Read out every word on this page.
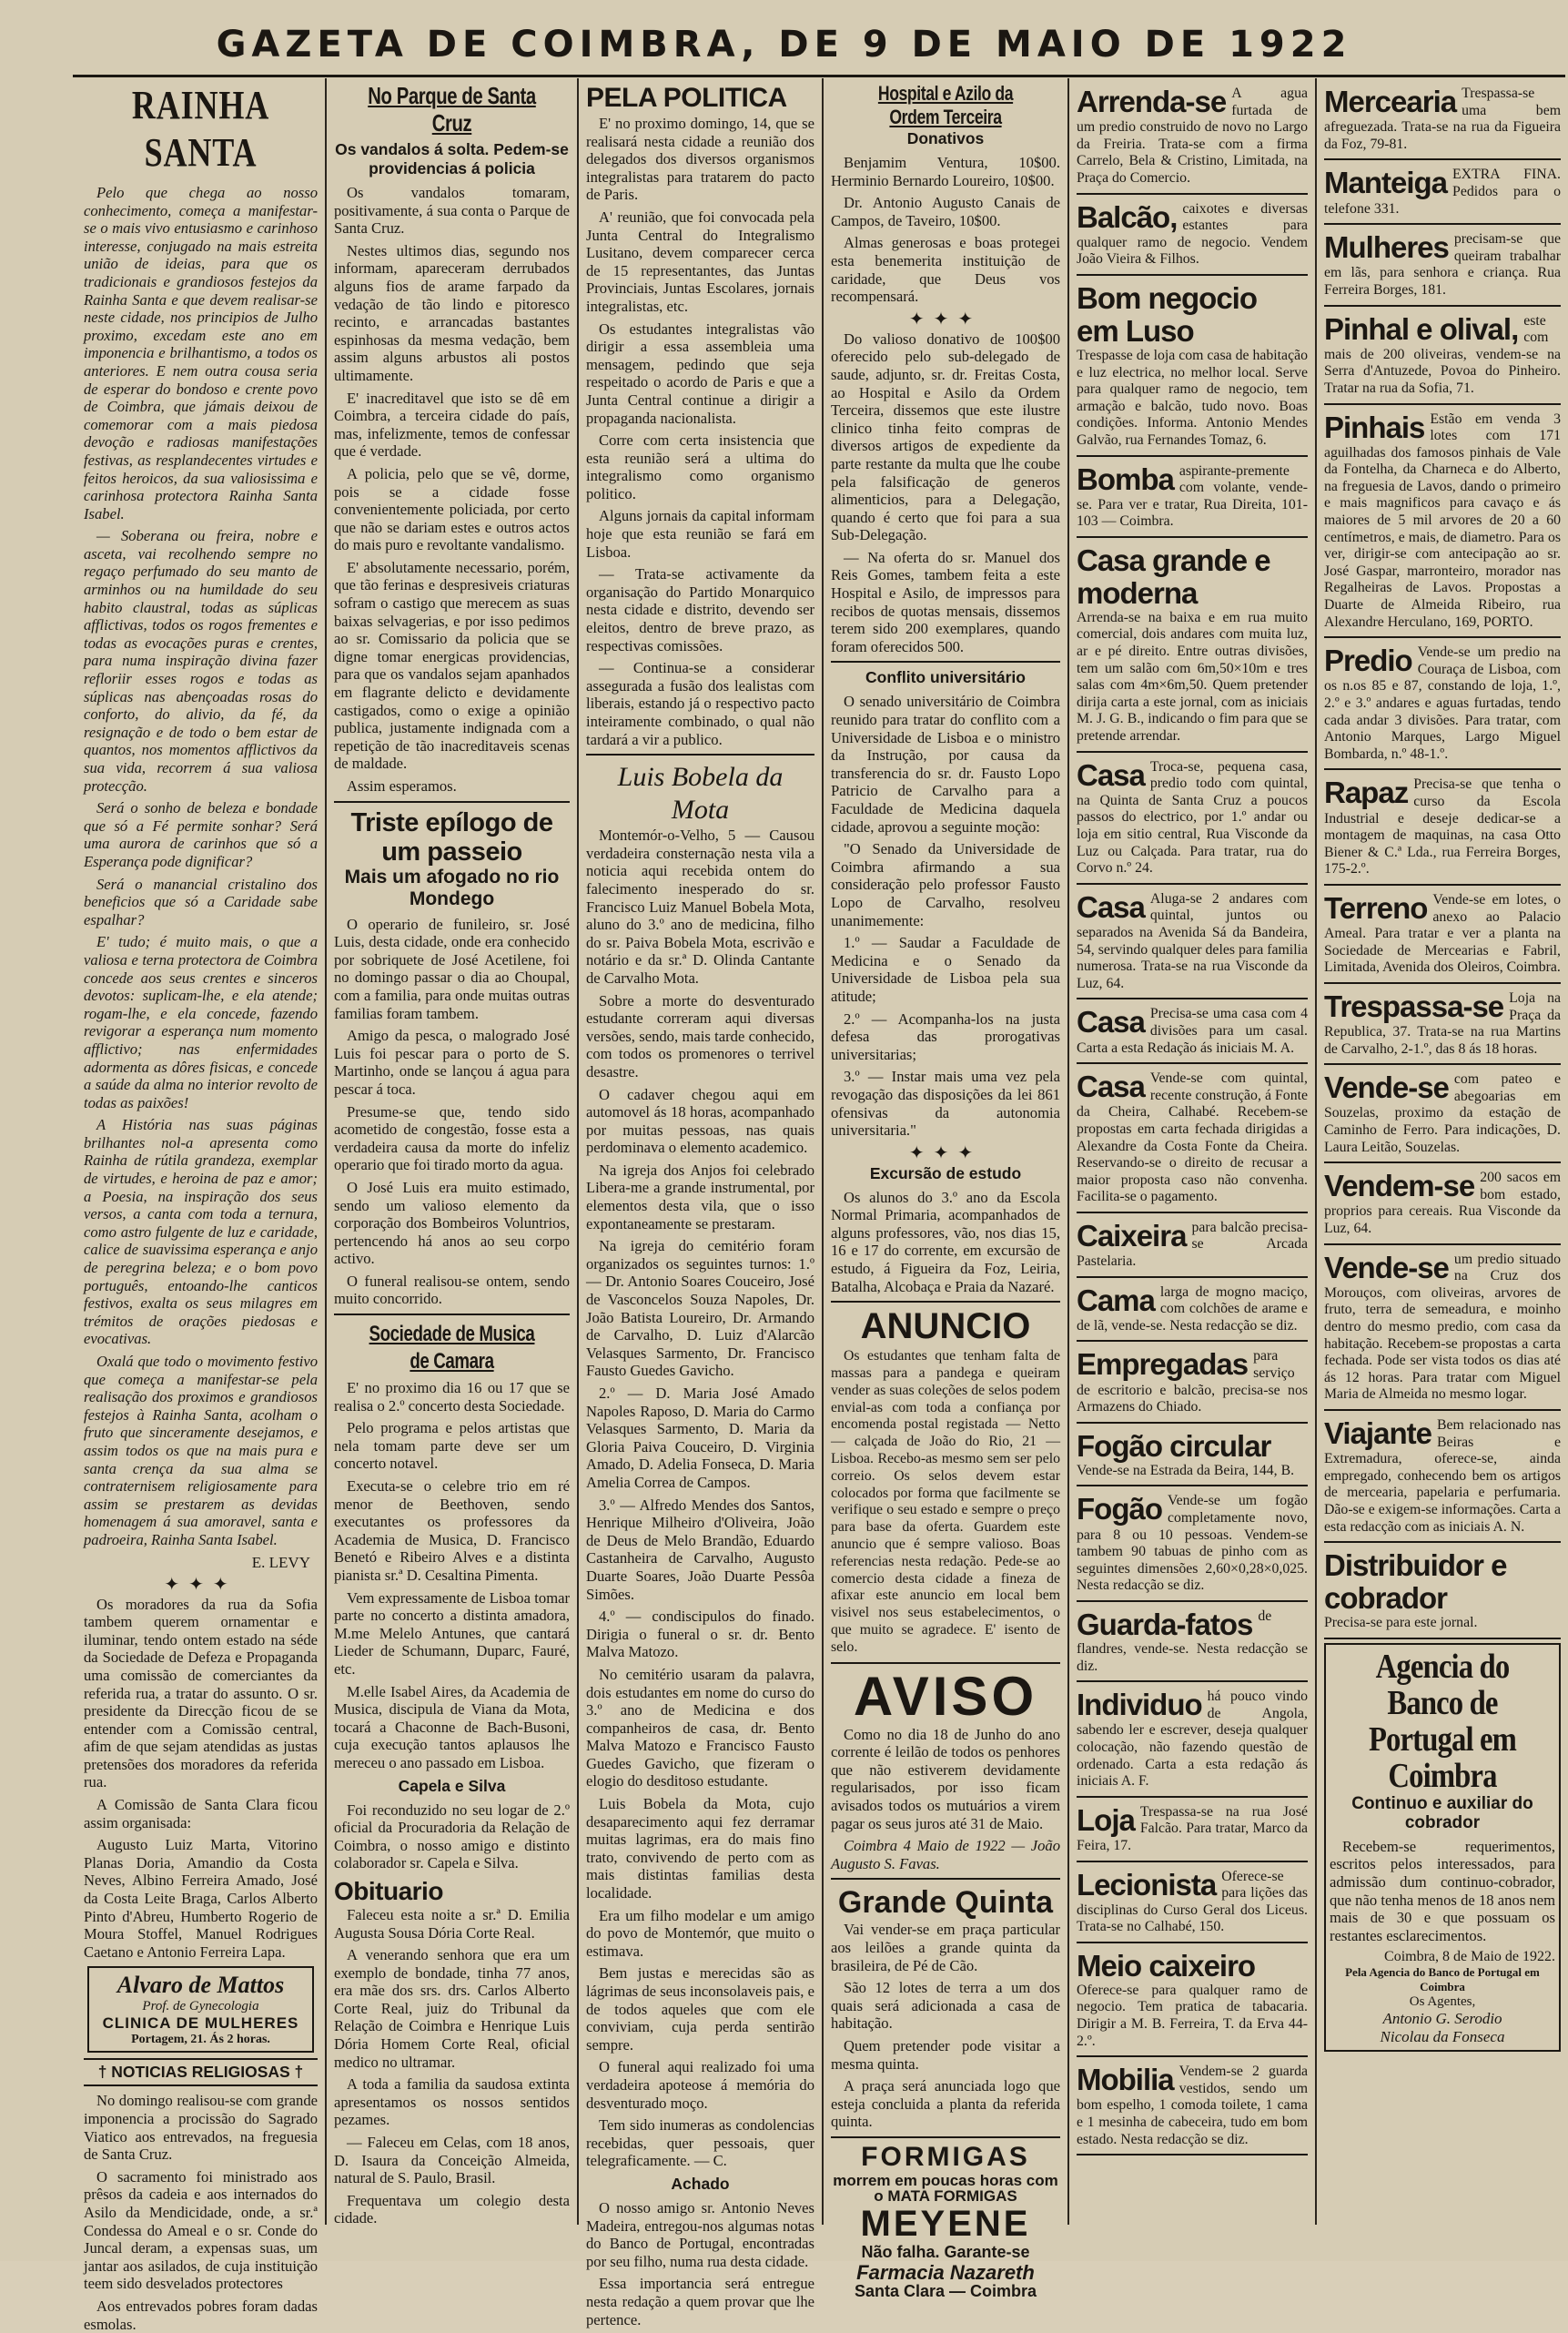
GAZETA DE COIMBRA, DE 9 DE MAIO DE 1922
RAINHA SANTA

Pelo que chega ao nosso conhecimento, começa a manifestar-se o mais vivo entusiasmo e carinhoso interesse, conjugado na mais estreita união de ideias, para que os tradicionais e grandiosos festejos da Rainha Santa e que devem realisar-se neste cidade, nos principios de Julho proximo, excedam este ano em imponencia e brilhantismo, a todos os anteriores. E nem outra cousa seria de esperar do bondoso e crente povo de Coimbra, que jámais deixou de comemorar com a mais piedosa devoção e radiosas manifestações festivas, as resplandecentes virtudes e feitos heroicos, da sua valiosissima e carinhosa protectora Rainha Santa Isabel.

— Soberana ou freira, nobre e asceta, vai recolhendo sempre no regaço perfumado do seu manto de arminhos ou na humildade do seu habito claustral, todas as súplicas afflictivas, todos os rogos frementes e todas as evocações puras e crentes, para numa inspiração divina fazer refloriir esses rogos e todas as súplicas nas abençoadas rosas do conforto, do alivio, da fé, da resignação e de todo o bem estar de quantos, nos momentos afflictivos da sua vida, recorrem á sua valiosa protecção.

Será o sonho de beleza e bondade que só a Fé permite sonhar? Será uma aurora de carinhos que só a Esperança pode dignificar?

Será o manancial cristalino dos beneficios que só a Caridade sabe espalhar?

E' tudo; é muito mais, o que a valiosa e terna protectora de Coimbra concede aos seus crentes e sinceros devotos: suplicam-lhe, e ela atende; rogam-lhe, e ela concede, fazendo revigorar a esperança num momento afflictivo; nas enfermidades adormenta as dôres fisicas, e concede a saúde da alma no interior revolto de todas as paixões!

A História nas suas páginas brilhantes nol-a apresenta como Rainha de rútila grandeza, exemplar de virtudes, e heroina de paz e amor; a Poesia, na inspiração dos seus versos, a canta com toda a ternura, como astro fulgente de luz e caridade, calice de suavissima esperança e anjo de peregrina beleza; e o bom povo português, entoando-lhe canticos festivos, exalta os seus milagres em trémitos de orações piedosas e evocativas.

Oxalá que todo o movimento festivo que começa a manifestar-se pela realisação dos proximos e grandiosos festejos à Rainha Santa, acolham o fruto que sinceramente desejamos, e assim todos os que na mais pura e santa crença da sua alma se contraternisem religiosamente para assim se prestarem as devidas homenagem á sua amoravel, santa e padroeira, Rainha Santa Isabel.

E. LEVY
✦✦✦

Os moradores da rua da Sofia tambem querem ornamentar e iluminar, tendo ontem estado na séde da Sociedade de Defeza e Propaganda uma comissão de comerciantes da referida rua, a tratar do assunto. O sr. presidente da Direcção ficou de se entender com a Comissão central, afim de que sejam atendidas as justas pretensões dos moradores da referida rua.

A Comissão de Santa Clara ficou assim organisada:

Augusto Luiz Marta, Vitorino Planas Doria, Amandio da Costa Neves, Albino Ferreira Amado, José da Costa Leite Braga, Carlos Alberto Pinto d'Abreu, Humberto Rogerio de Moura Stoffel, Manuel Rodrigues Caetano e Antonio Ferreira Lapa.

Alvaro de Mattos
Prof. de Gynecologia
CLINICA DE MULHERES
Portagem, 21. Ás 2 horas.
† NOTICIAS RELIGIOSAS †

No domingo realisou-se com grande imponencia a procissão do Sagrado Viatico aos entrevados, na freguesia de Santa Cruz.

O sacramento foi ministrado aos prêsos da cadeia e aos internados do Asilo da Mendicidade, onde, a sr.ª Condessa do Ameal e o sr. Conde do Juncal deram, a expensas suas, um jantar aos asilados, de cuja instituição teem sido desvelados protectores

Aos entrevados pobres foram dadas esmolas.

No Parque de Santa Cruz
Os vandalos á solta. Pedem-se providencias á policia

Os vandalos tomaram, positivamente, á sua conta o Parque de Santa Cruz.

Nestes ultimos dias, segundo nos informam, apareceram derrubados alguns fios de arame farpado da vedação de tão lindo e pitoresco recinto, e arrancadas bastantes espinhosas da mesma vedação, bem assim alguns arbustos ali postos ultimamente.

E' inacreditavel que isto se dê em Coimbra, a terceira cidade do país, mas, infelizmente, temos de confessar que é verdade.

A policia, pelo que se vê, dorme, pois se a cidade fosse convenientemente policiada, por certo que não se dariam estes e outros actos do mais puro e revoltante vandalismo.

E' absolutamente necessario, porém, que tão ferinas e despresiveis criaturas sofram o castigo que merecem as suas baixas selvagerias, e por isso pedimos ao sr. Comissario da policia que se digne tomar energicas providencias, para que os vandalos sejam apanhados em flagrante delicto e devidamente castigados, como o exige a opinião publica, justamente indignada com a repetição de tão inacreditaveis scenas de maldade.

Assim esperamos.

Triste epílogo de um passeio
Mais um afogado no rio Mondego

O operario de funileiro, sr. José Luis, desta cidade, onde era conhecido por sobriquete de José Acetilene, foi no domingo passar o dia ao Choupal, com a familia, para onde muitas outras familias foram tambem.

Amigo da pesca, o malogrado José Luis foi pescar para o porto de S. Martinho, onde se lançou á agua para pescar á toca.

Presume-se que, tendo sido acometido de congestão, fosse esta a verdadeira causa da morte do infeliz operario que foi tirado morto da agua.

O José Luis era muito estimado, sendo um valioso elemento da corporação dos Bombeiros Voluntrios, pertencendo há anos ao seu corpo activo.

O funeral realisou-se ontem, sendo muito concorrido.

Sociedade de Musica de Camara

E' no proximo dia 16 ou 17 que se realisa o 2.º concerto desta Sociedade.

Pelo programa e pelos artistas que nela tomam parte deve ser um concerto notavel.

Executa-se o celebre trio em ré menor de Beethoven, sendo executantes os professores da Academia de Musica, D. Francisco Benetó e Ribeiro Alves e a distinta pianista sr.ª D. Cesaltina Pimenta.

Vem expressamente de Lisboa tomar parte no concerto a distinta amadora, M.me Melelo Antunes, que cantará Lieder de Schumann, Duparc, Fauré, etc.

M.elle Isabel Aires, da Academia de Musica, discipula de Viana da Mota, tocará a Chaconne de Bach-Busoni, cuja execução tantos aplausos lhe mereceu o ano passado em Lisboa.

Capela e Silva

Foi reconduzido no seu logar de 2.º oficial da Procuradoria da Relação de Coimbra, o nosso amigo e distinto colaborador sr. Capela e Silva.

Obituario

Faleceu esta noite a sr.ª D. Emilia Augusta Sousa Dória Corte Real.

A venerando senhora que era um exemplo de bondade, tinha 77 anos, era mãe dos srs. drs. Carlos Alberto Corte Real, juiz do Tribunal da Relação de Coimbra e Henrique Luis Dória Homem Corte Real, oficial medico no ultramar.

A toda a familia da saudosa extinta apresentamos os nossos sentidos pezames.

— Faleceu em Celas, com 18 anos, D. Isaura da Conceição Almeida, natural de S. Paulo, Brasil.

Frequentava um colegio desta cidade.

PELA POLITICA

E' no proximo domingo, 14, que se realisará nesta cidade a reunião dos delegados dos diversos organismos integralistas para tratarem do pacto de Paris.

A' reunião, que foi convocada pela Junta Central do Integralismo Lusitano, devem comparecer cerca de 15 representantes, das Juntas Provinciais, Juntas Escolares, jornais integralistas, etc.

Os estudantes integralistas vão dirigir a essa assembleia uma mensagem, pedindo que seja respeitado o acordo de Paris e que a Junta Central continue a dirigir a propaganda nacionalista.

Corre com certa insistencia que esta reunião será a ultima do integralismo como organismo politico.

Alguns jornais da capital informam hoje que esta reunião se fará em Lisboa.

— Trata-se activamente da organisação do Partido Monarquico nesta cidade e distrito, devendo ser eleitos, dentro de breve prazo, as respectivas comissões.

— Continua-se a considerar assegurada a fusão dos lealistas com liberais, estando já o respectivo pacto inteiramente combinado, o qual não tardará a vir a publico.

Luis Bobela da Mota

Montemór-o-Velho, 5 — Causou verdadeira consternação nesta vila a noticia aqui recebida ontem do falecimento inesperado do sr. Francisco Luiz Manuel Bobela Mota, aluno do 3.º ano de medicina, filho do sr. Paiva Bobela Mota, escrivão e notário e da sr.ª D. Olinda Cantante de Carvalho Mota.

Sobre a morte do desventurado estudante correram aqui diversas versões, sendo, mais tarde conhecido, com todos os promenores o terrivel desastre.

O cadaver chegou aqui em automovel ás 18 horas, acompanhado por muitas pessoas, nas quais perdominava o elemento academico.

Na igreja dos Anjos foi celebrado Libera-me a grande instrumental, por elementos desta vila, que o isso expontaneamente se prestaram.

Na igreja do cemitério foram organizados os seguintes turnos: 1.º — Dr. Antonio Soares Couceiro, José de Vasconcelos Souza Napoles, Dr. João Batista Loureiro, Dr. Armando de Carvalho, D. Luiz d'Alarcão Velasques Sarmento, Dr. Francisco Fausto Guedes Gavicho.

2.º — D. Maria José Amado Napoles Raposo, D. Maria do Carmo Velasques Sarmento, D. Maria da Gloria Paiva Couceiro, D. Virginia Amado, D. Adelia Fonseca, D. Maria Amelia Correa de Campos.

3.º — Alfredo Mendes dos Santos, Henrique Milheiro d'Oliveira, João de Deus de Melo Brandão, Eduardo Castanheira de Carvalho, Augusto Duarte Soares, João Duarte Pessôa Simões.

4.º — condiscipulos do finado. Dirigia o funeral o sr. dr. Bento Malva Matozo.

No cemitério usaram da palavra, dois estudantes em nome do curso do 3.º ano de Medicina e dos companheiros de casa, dr. Bento Malva Matozo e Francisco Fausto Guedes Gavicho, que fizeram o elogio do desditoso estudante.

Luis Bobela da Mota, cujo desaparecimento aqui fez derramar muitas lagrimas, era do mais fino trato, convivendo de perto com as mais distintas familias desta localidade.

Era um filho modelar e um amigo do povo de Montemór, que muito o estimava.

Bem justas e merecidas são as lágrimas de seus inconsolaveis pais, e de todos aqueles que com ele conviviam, cuja perda sentirão sempre.

O funeral aqui realizado foi uma verdadeira apoteose á memória do desventurado moço.

Tem sido inumeras as condolencias recebidas, quer pessoais, quer telegraficamente. — C.

Achado

O nosso amigo sr. Antonio Neves Madeira, entregou-nos algumas notas do Banco de Portugal, encontradas por seu filho, numa rua desta cidade.

Essa importancia será entregue nesta redação a quem provar que lhe pertence.

Hospital e Azilo da Ordem Terceira
Donativos

Benjamim Ventura, 10$00. Herminio Bernardo Loureiro, 10$00.

Dr. Antonio Augusto Canais de Campos, de Taveiro, 10$00.

Almas generosas e boas protegei esta benemerita instituição de caridade, que Deus vos recompensará.

✦✦✦

Do valioso donativo de 100$00 oferecido pelo sub-delegado de saude, adjunto, sr. dr. Freitas Costa, ao Hospital e Asilo da Ordem Terceira, dissemos que este ilustre clinico tinha feito compras de diversos artigos de expediente da parte restante da multa que lhe coube pela falsificação de generos alimenticios, para a Delegação, quando é certo que foi para a sua Sub-Delegação.

— Na oferta do sr. Manuel dos Reis Gomes, tambem feita a este Hospital e Asilo, de impressos para recibos de quotas mensais, dissemos terem sido 200 exemplares, quando foram oferecidos 500.

Conflito universitário

O senado universitário de Coimbra reunido para tratar do conflito com a Universidade de Lisboa e o ministro da Instrução, por causa da transferencia do sr. dr. Fausto Lopo Patricio de Carvalho para a Faculdade de Medicina daquela cidade, aprovou a seguinte moção:

"O Senado da Universidade de Coimbra afirmando a sua consideração pelo professor Fausto Lopo de Carvalho, resolveu unanimemente:

1.º — Saudar a Faculdade de Medicina e o Senado da Universidade de Lisboa pela sua atitude;

2.º — Acompanha-los na justa defesa das prorogativas universitarias;

3.º — Instar mais uma vez pela revogação das disposições da lei 861 ofensivas da autonomia universitaria."

✦✦✦
Excursão de estudo

Os alunos do 3.º ano da Escola Normal Primaria, acompanhados de alguns professores, vão, nos dias 15, 16 e 17 do corrente, em excursão de estudo, á Figueira da Foz, Leiria, Batalha, Alcobaça e Praia da Nazaré.

ANUNCIO

Os estudantes que tenham falta de massas para a pandega e queiram vender as suas coleções de selos podem envial-as com toda a confiança por encomenda postal registada — Netto — calçada de João do Rio, 21 — Lisboa. Recebo-as mesmo sem ser pelo correio. Os selos devem estar colocados por forma que facilmente se verifique o seu estado e sempre o preço para base da oferta. Guardem este anuncio que é sempre valioso. Boas referencias nesta redação. Pede-se ao comercio desta cidade a fineza de afixar este anuncio em local bem visivel nos seus estabelecimentos, o que muito se agradece. E' isento de selo.

AVISO

Como no dia 18 de Junho do ano corrente é leilão de todos os penhores que não estiverem devidamente regularisados, por isso ficam avisados todos os mutuários a virem pagar os seus juros até 31 de Maio.

Coimbra 4 Maio de 1922 — João Augusto S. Favas.

Grande Quinta

Vai vender-se em praça particular aos leilões a grande quinta da brasileira, de Pé de Cão.

São 12 lotes de terra a um dos quais será adicionada a casa de habitação.

Quem pretender pode visitar a mesma quinta.

A praça será anunciada logo que esteja concluida a planta da referida quinta.

FORMIGAS
morrem em poucas horas com o MATA FORMIGAS
MEYENE
Não falha. Garante-se
Farmacia Nazareth
Santa Clara — Coimbra
Arrenda-se A agua furtada de um predio construido de novo no Largo da Freiria. Trata-se com a firma Carrelo, Bela & Cristino, Limitada, na Praça do Comercio.
Balcão, caixotes e diversas estantes para qualquer ramo de negocio. Vendem João Vieira & Filhos.
Bom negocio em Luso
Trespasse de loja com casa de habitação e luz electrica, no melhor local. Serve para qualquer ramo de negocio, tem armação e balcão, tudo novo. Boas condições. Informa. Antonio Mendes Galvão, rua Fernandes Tomaz, 6.
Bomba aspirante-premente com volante, vende-se. Para ver e tratar, Rua Direita, 101-103 — Coimbra.
Casa grande e moderna
Arrenda-se na baixa e em rua muito comercial, dois andares com muita luz, ar e pé direito. Entre outras divisões, tem um salão com 6m,50×10m e tres salas com 4m×6m,50. Quem pretender dirija carta a este jornal, com as iniciais M. J. G. B., indicando o fim para que se pretende arrendar.
Casa Troca-se, pequena casa, predio todo com quintal, na Quinta de Santa Cruz a poucos passos do electrico, por 1.º andar ou loja em sitio central, Rua Visconde da Luz ou Calçada. Para tratar, rua do Corvo n.º 24.
Casa Aluga-se 2 andares com quintal, juntos ou separados na Avenida Sá da Bandeira, 54, servindo qualquer deles para familia numerosa. Trata-se na rua Visconde da Luz, 64.
Casa Precisa-se uma casa com 4 divisões para um casal. Carta a esta Redação ás iniciais M. A.
Casa Vende-se com quintal, recente construção, á Fonte da Cheira, Calhabé. Recebem-se propostas em carta fechada dirigidas a Alexandre da Costa Fonte da Cheira. Reservando-se o direito de recusar a maior proposta caso não convenha. Facilita-se o pagamento.
Caixeira para balcão precisa-se Arcada Pastelaria.
Cama larga de mogno maciço, com colchões de arame e de lã, vende-se. Nesta redacção se diz.
Empregadas para serviço de escritorio e balcão, precisa-se nos Armazens do Chiado.
Fogão circular
Vende-se na Estrada da Beira, 144, B.
Fogão Vende-se um fogão completamente novo, para 8 ou 10 pessoas. Vendem-se tambem 90 tabuas de pinho com as seguintes dimensões 2,60×0,28×0,025. Nesta redacção se diz.
Guarda-fatos de flandres, vende-se. Nesta redacção se diz.
Individuo há pouco vindo de Angola, sabendo ler e escrever, deseja qualquer colocação, não fazendo questão de ordenado. Carta a esta redação ás iniciais A. F.
Loja Trespassa-se na rua José Falcão. Para tratar, Marco da Feira, 17.
Lecionista Oferece-se para lições das disciplinas do Curso Geral dos Liceus. Trata-se no Calhabé, 150.
Meio caixeiro
Oferece-se para qualquer ramo de negocio. Tem pratica de tabacaria. Dirigir a M. B. Ferreira, T. da Erva 44-2.º.
Mobilia Vendem-se 2 guarda vestidos, sendo um bom espelho, 1 comoda toilete, 1 cama e 1 mesinha de cabeceira, tudo em bom estado. Nesta redacção se diz.
Mercearia Trespassa-se uma bem afreguezada. Trata-se na rua da Figueira da Foz, 79-81.
Manteiga EXTRA FINA. Pedidos para o telefone 331.
Mulheres precisam-se que queiram trabalhar em lãs, para senhora e criança. Rua Ferreira Borges, 181.
Pinhal e olival, este com mais de 200 oliveiras, vendem-se na Serra d'Antuzede, Povoa do Pinheiro. Tratar na rua da Sofia, 71.
Pinhais Estão em venda 3 lotes com 171 aguilhadas dos famosos pinhais de Vale da Fontelha, da Charneca e do Alberto, na freguesia de Lavos, dando o primeiro e mais magnificos para cavaço e ás maiores de 5 mil arvores de 20 a 60 centímetros, e mais, de diametro. Para os ver, dirigir-se com antecipação ao sr. José Gaspar, marronteiro, morador nas Regalheiras de Lavos. Propostas a Duarte de Almeida Ribeiro, rua Alexandre Herculano, 169, PORTO.
Predio Vende-se um predio na Couraça de Lisboa, com os n.os 85 e 87, constando de loja, 1.º, 2.º e 3.º andares e aguas furtadas, tendo cada andar 3 divisões. Para tratar, com Antonio Marques, Largo Miguel Bombarda, n.º 48-1.º.
Rapaz Precisa-se que tenha o curso da Escola Industrial e deseje dedicar-se a montagem de maquinas, na casa Otto Biener & C.ª Lda., rua Ferreira Borges, 175-2.º.
Terreno Vende-se em lotes, o anexo ao Palacio Ameal. Para tratar e ver a planta na Sociedade de Mercearias e Fabril, Limitada, Avenida dos Oleiros, Coimbra.
Trespassa-se Loja na Praça da Republica, 37. Trata-se na rua Martins de Carvalho, 2-1.º, das 8 ás 18 horas.
Vende-se com pateo e abegoarias em Souzelas, proximo da estação de Caminho de Ferro. Para indicações, D. Laura Leitão, Souzelas.
Vendem-se 200 sacos em bom estado, proprios para cereais. Rua Visconde da Luz, 64.
Vende-se um predio situado na Cruz dos Morouços, com oliveiras, arvores de fruto, terra de semeadura, e moinho dentro do mesmo predio, com casa da habitação. Recebem-se propostas a carta fechada. Pode ser vista todos os dias até ás 12 horas. Para tratar com Miguel Maria de Almeida no mesmo logar.
Viajante Bem relacionado nas Beiras e Extremadura, oferece-se, ainda empregado, conhecendo bem os artigos de mercearia, papelaria e perfumaria. Dão-se e exigem-se informações. Carta a esta redacção com as iniciais A. N.
Distribuidor e cobrador
Precisa-se para este jornal.
Agencia do Banco de Portugal em Coimbra
Continuo e auxiliar do cobrador

Recebem-se requerimentos, escritos pelos interessados, para admissão dum continuo-cobrador, que não tenha menos de 18 anos nem mais de 30 e que possuam os restantes esclarecimentos.

Coimbra, 8 de Maio de 1922.
Pela Agencia do Banco de Portugal em Coimbra
Os Agentes,
Antonio G. Serodio
Nicolau da Fonseca
